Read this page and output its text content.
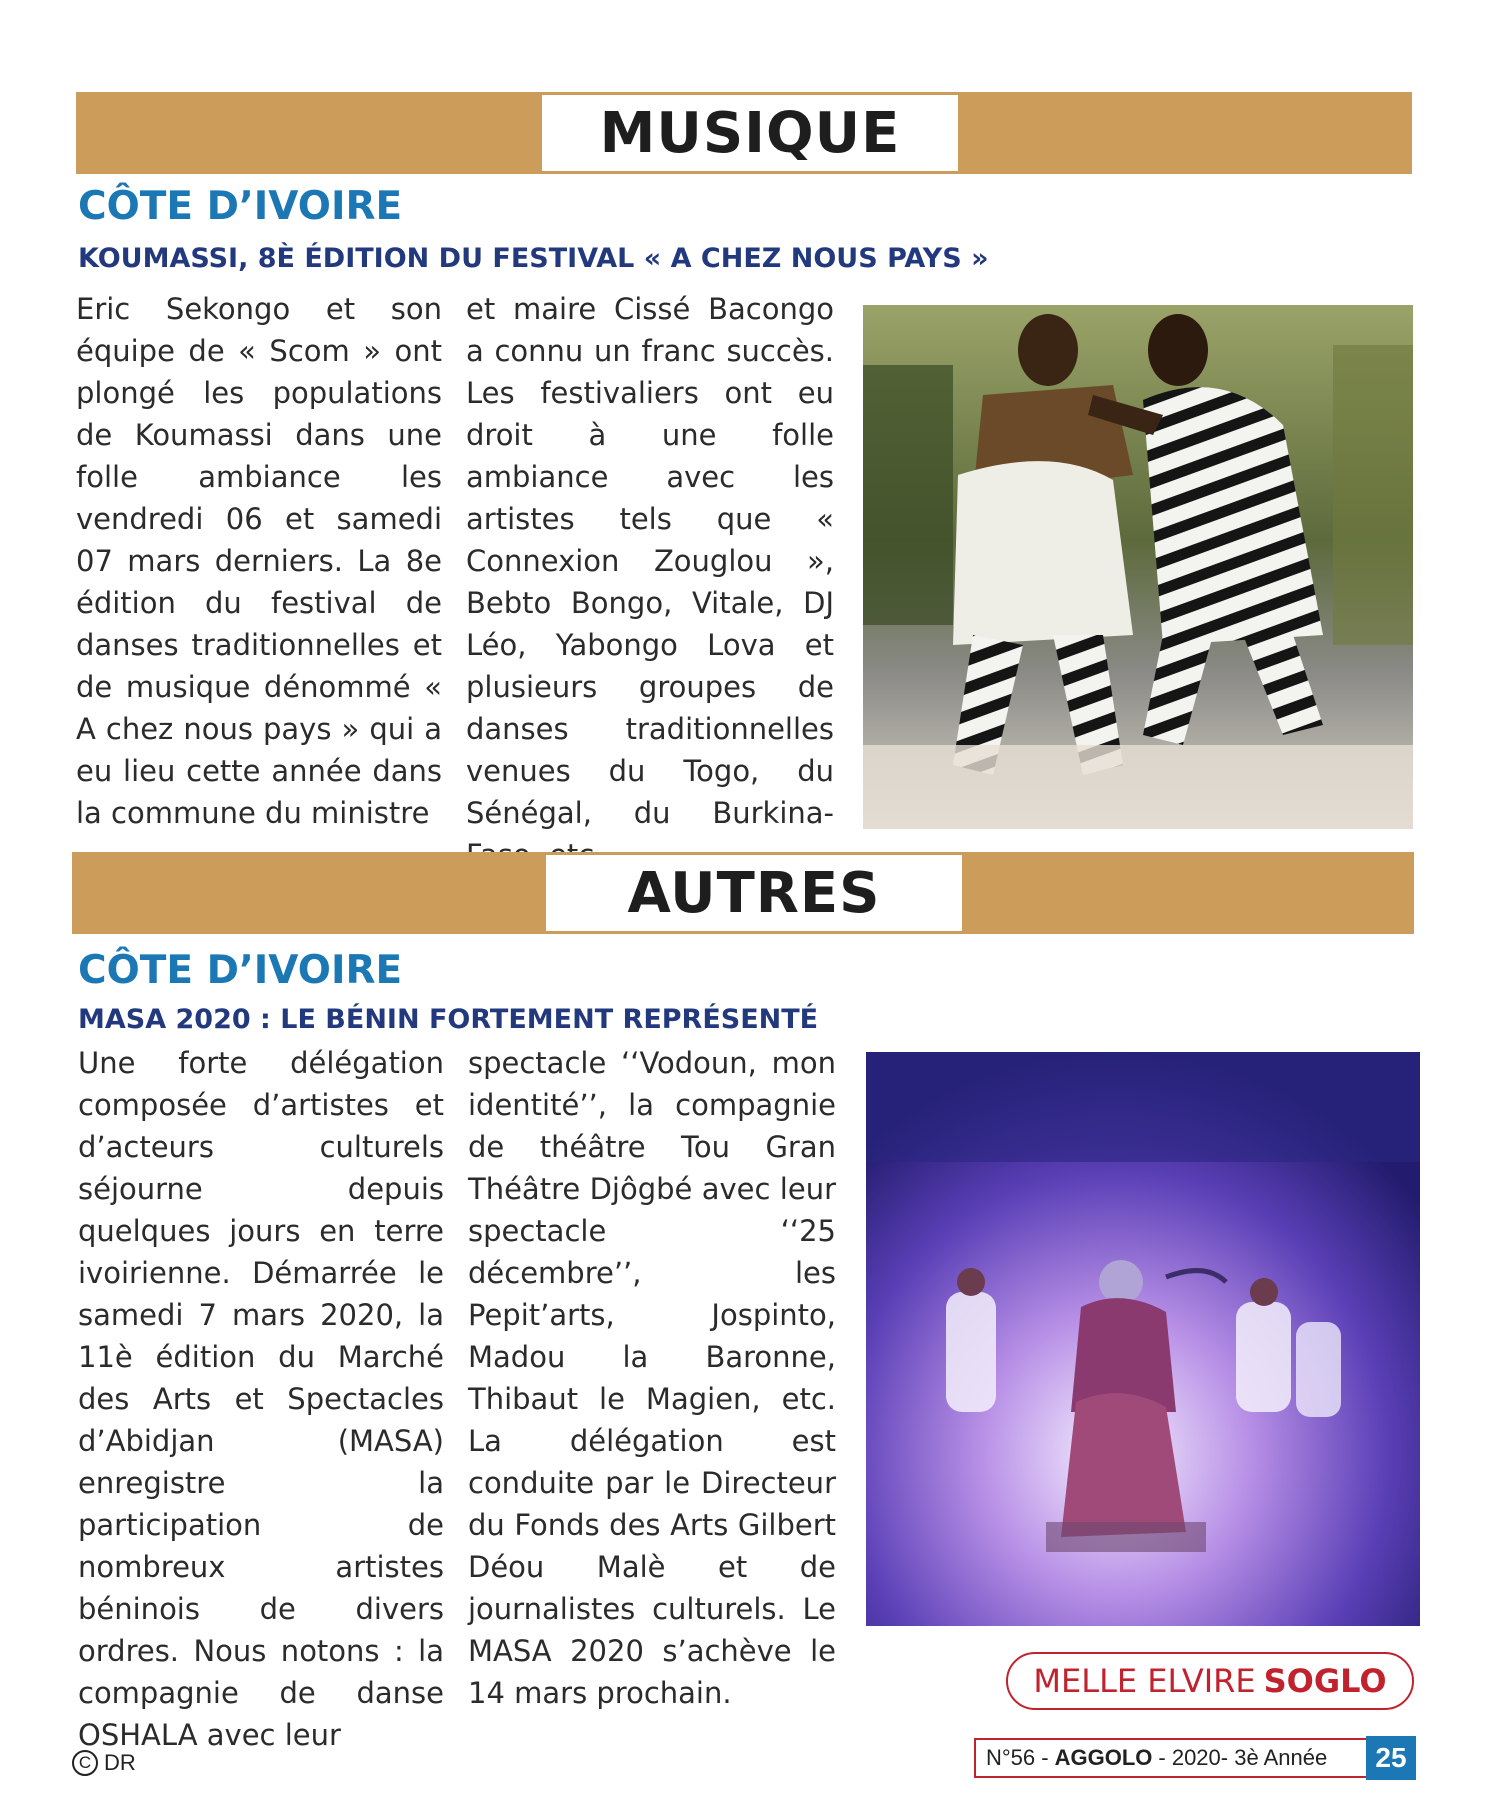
MUSIQUE
CÔTE D’IVOIRE
KOUMASSI, 8È ÉDITION DU FESTIVAL « A CHEZ NOUS PAYS »

Eric Sekongo et son équipe de « Scom » ont plongé les populations de Koumassi dans une folle ambiance les vendredi 06 et samedi 07 mars derniers. La 8e édition du festival de danses traditionnelles et de musique dénommé « A chez nous pays » qui a eu lieu cette année dans la commune du ministre

et maire Cissé Bacongo a connu un franc succès. Les festivaliers ont eu droit à une folle ambiance avec les artistes tels que « Connexion Zouglou », Bebto Bongo, Vitale, DJ Léo, Yabongo Lova et plusieurs groupes de danses traditionnelles venues du Togo, du Sénégal, du Burkina-

AUTRES
CÔTE D’IVOIRE
MASA 2020 : LE BÉNIN FORTEMENT REPRÉSENTÉ

Une forte délégation composée d’artistes et d’acteurs culturels séjourne depuis quelques jours en terre ivoirienne. Démarrée le samedi 7 mars 2020, la 11è édition du Marché des Arts et Spectacles d’Abidjan (MASA) enregistre la participation de nombreux artistes béninois de divers ordres. Nous notons : la compagnie de danse OSHALA avec leur

spectacle ‘‘Vodoun, mon identité’’, la compagnie de théâtre Tou Gran Théâtre Djôgbé avec leur spectacle ‘‘25 décembre’’, les Pepit’arts, Jospinto, Madou la Baronne, Thibaut le Magien, etc. La délégation est conduite par le Directeur du Fonds des Arts Gilbert Déou Malè et de journalistes culturels. Le MASA 2020 s’achève le 14 mars prochain.	MELLE ELVIRE SOGLO
C DR	N°56 - AGGOLO - 2020- 3è Année	25
